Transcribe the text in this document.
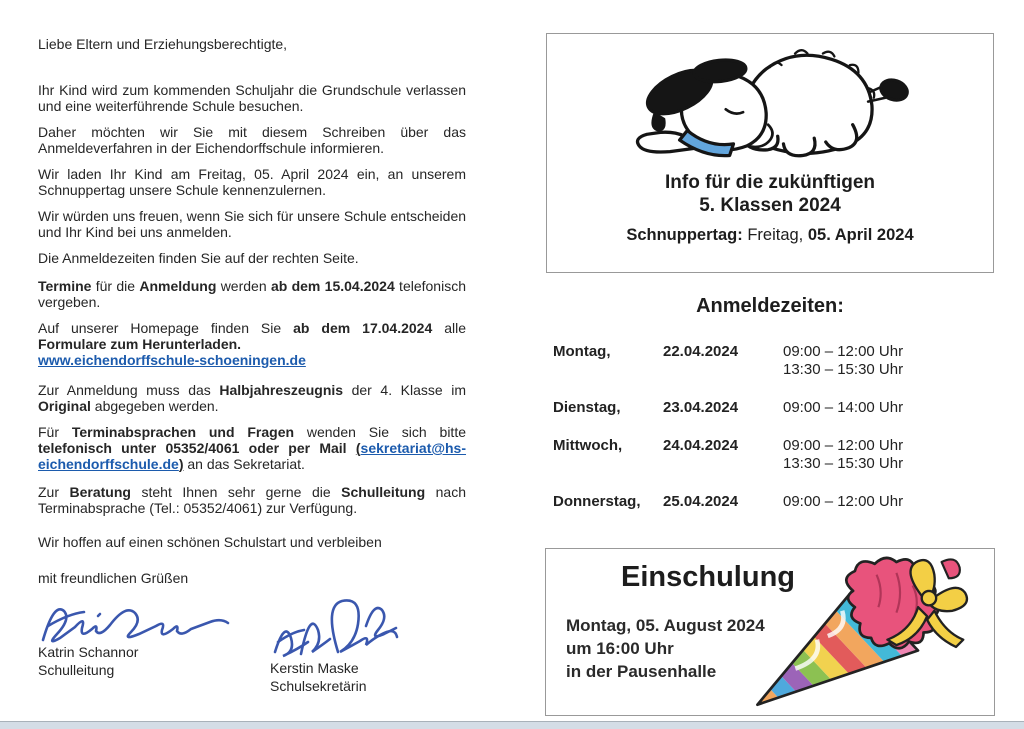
Liebe Eltern und Erziehungsberechtigte,

Ihr Kind wird zum kommenden Schuljahr die Grundschule verlassen und eine weiterführende Schule besuchen.

Daher möchten wir Sie mit diesem Schreiben über das Anmeldeverfahren in der Eichendorffschule informieren.

Wir laden Ihr Kind am Freitag, 05. April 2024 ein, an unserem Schnuppertag unsere Schule kennenzulernen.

Wir würden uns freuen, wenn Sie sich für unsere Schule entscheiden und Ihr Kind bei uns anmelden.

Die Anmeldezeiten finden Sie auf der rechten Seite.

Termine für die Anmeldung werden ab dem 15.04.2024 telefonisch vergeben.

Auf unserer Homepage finden Sie ab dem 17.04.2024 alle Formulare zum Herunterladen.
www.eichendorffschule-schoeningen.de

Zur Anmeldung muss das Halbjahreszeugnis der 4. Klasse im Original abgegeben werden.

Für Terminabsprachen und Fragen wenden Sie sich bitte telefonisch unter 05352/4061 oder per Mail (sekretariat@hs-eichendorffschule.de) an das Sekretariat.

Zur Beratung steht Ihnen sehr gerne die Schulleitung nach Terminabsprache (Tel.: 05352/4061) zur Verfügung.

Wir hoffen auf einen schönen Schulstart und verbleiben

mit freundlichen Grüßen

Katrin Schannor
Schulleitung	Kerstin Maske
Schulsekretärin
Info für die zukünftigen
5. Klassen 2024
Schnuppertag: Freitag, 05. April 2024
Anmeldezeiten:
Montag,	22.04.2024	09:00 – 12:00 Uhr
13:30 – 15:30 Uhr
Dienstag,	23.04.2024	09:00 – 14:00 Uhr
Mittwoch,	24.04.2024	09:00 – 12:00 Uhr
13:30 – 15:30 Uhr
Donnerstag,	25.04.2024	09:00 – 12:00 Uhr
Einschulung
Montag, 05. August 2024
um 16:00 Uhr
in der Pausenhalle
